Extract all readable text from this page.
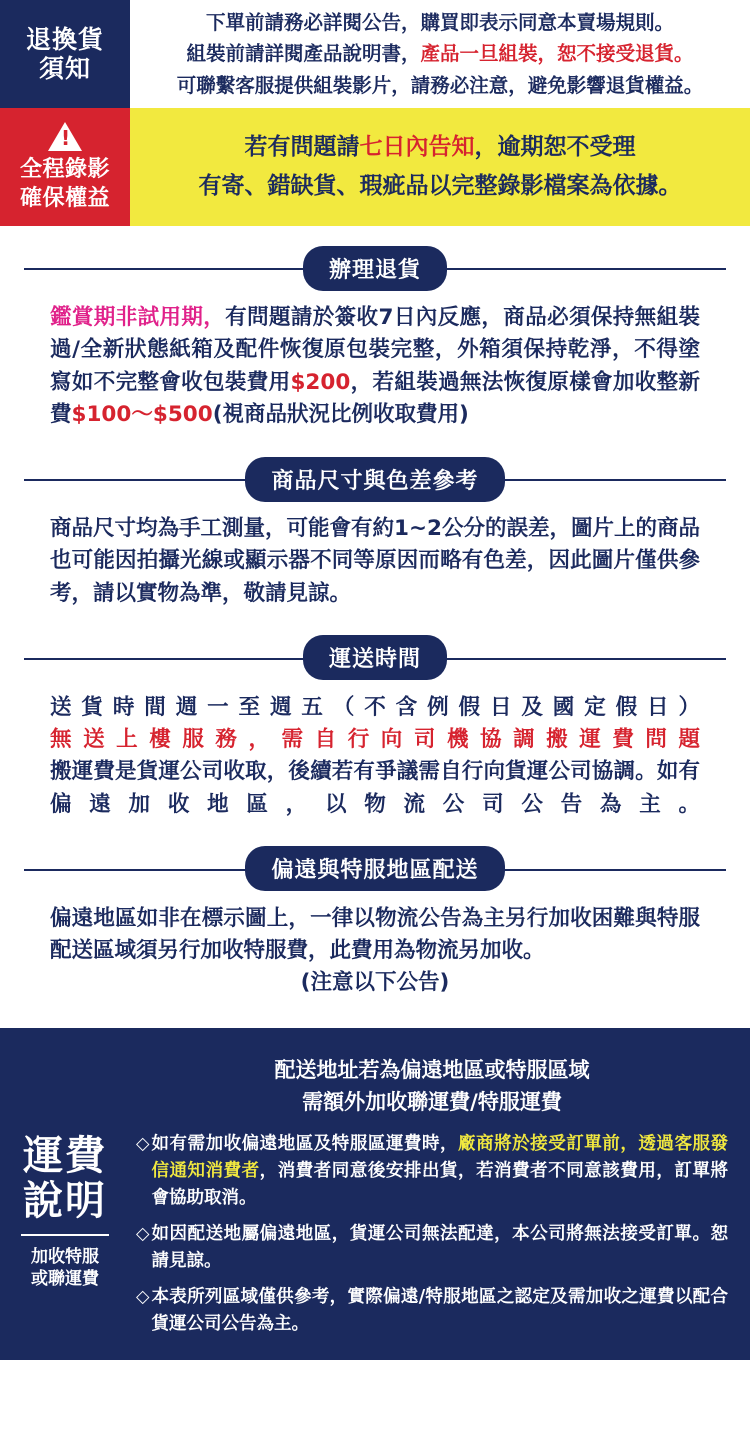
退換貨
須知
下單前請務必詳閱公告，購買即表示同意本賣場規則。
組裝前請詳閱產品說明書，產品一旦組裝，恕不接受退貨。
可聯繫客服提供組裝影片，請務必注意，避免影響退貨權益。
!
全程錄影
確保權益
若有問題請七日內告知，逾期恕不受理
有寄、錯缺貨、瑕疵品以完整錄影檔案為依據。
辦理退貨

鑑賞期非試用期，有問題請於簽收7日內反應，商品必須保持無組裝過/全新狀態紙箱及配件恢復原包裝完整，外箱須保持乾淨，不得塗寫如不完整會收包裝費用$200，若組裝過無法恢復原樣會加收整新費$100～$500(視商品狀況比例收取費用)

商品尺寸與色差參考

商品尺寸均為手工測量，可能會有約1~2公分的誤差，圖片上的商品也可能因拍攝光線或顯示器不同等原因而略有色差，因此圖片僅供參考，請以實物為準，敬請見諒。

運送時間

送貨時間週一至週五（不含例假日及國定假日）

無送上樓服務，需自行向司機協調搬運費問題

搬運費是貨運公司收取，後續若有爭議需自行向貨運公司協調。如有偏遠加收地區，以物流公司公告為主。

偏遠與特服地區配送

偏遠地區如非在標示圖上，一律以物流公告為主另行加收困難與特服配送區域須另行加收特服費，此費用為物流另加收。

(注意以下公告)

運費
說明
加收特服
或聯運費
配送地址若為偏遠地區或特服區域
需額外加收聯運費/特服運費
◇ 如有需加收偏遠地區及特服區運費時，廠商將於接受訂單前，透過客服發信通知消費者，消費者同意後安排出貨，若消費者不同意該費用，訂單將會協助取消。
◇ 如因配送地屬偏遠地區，貨運公司無法配達，本公司將無法接受訂單。恕請見諒。
◇ 本表所列區域僅供參考，實際偏遠/特服地區之認定及需加收之運費以配合貨運公司公告為主。
